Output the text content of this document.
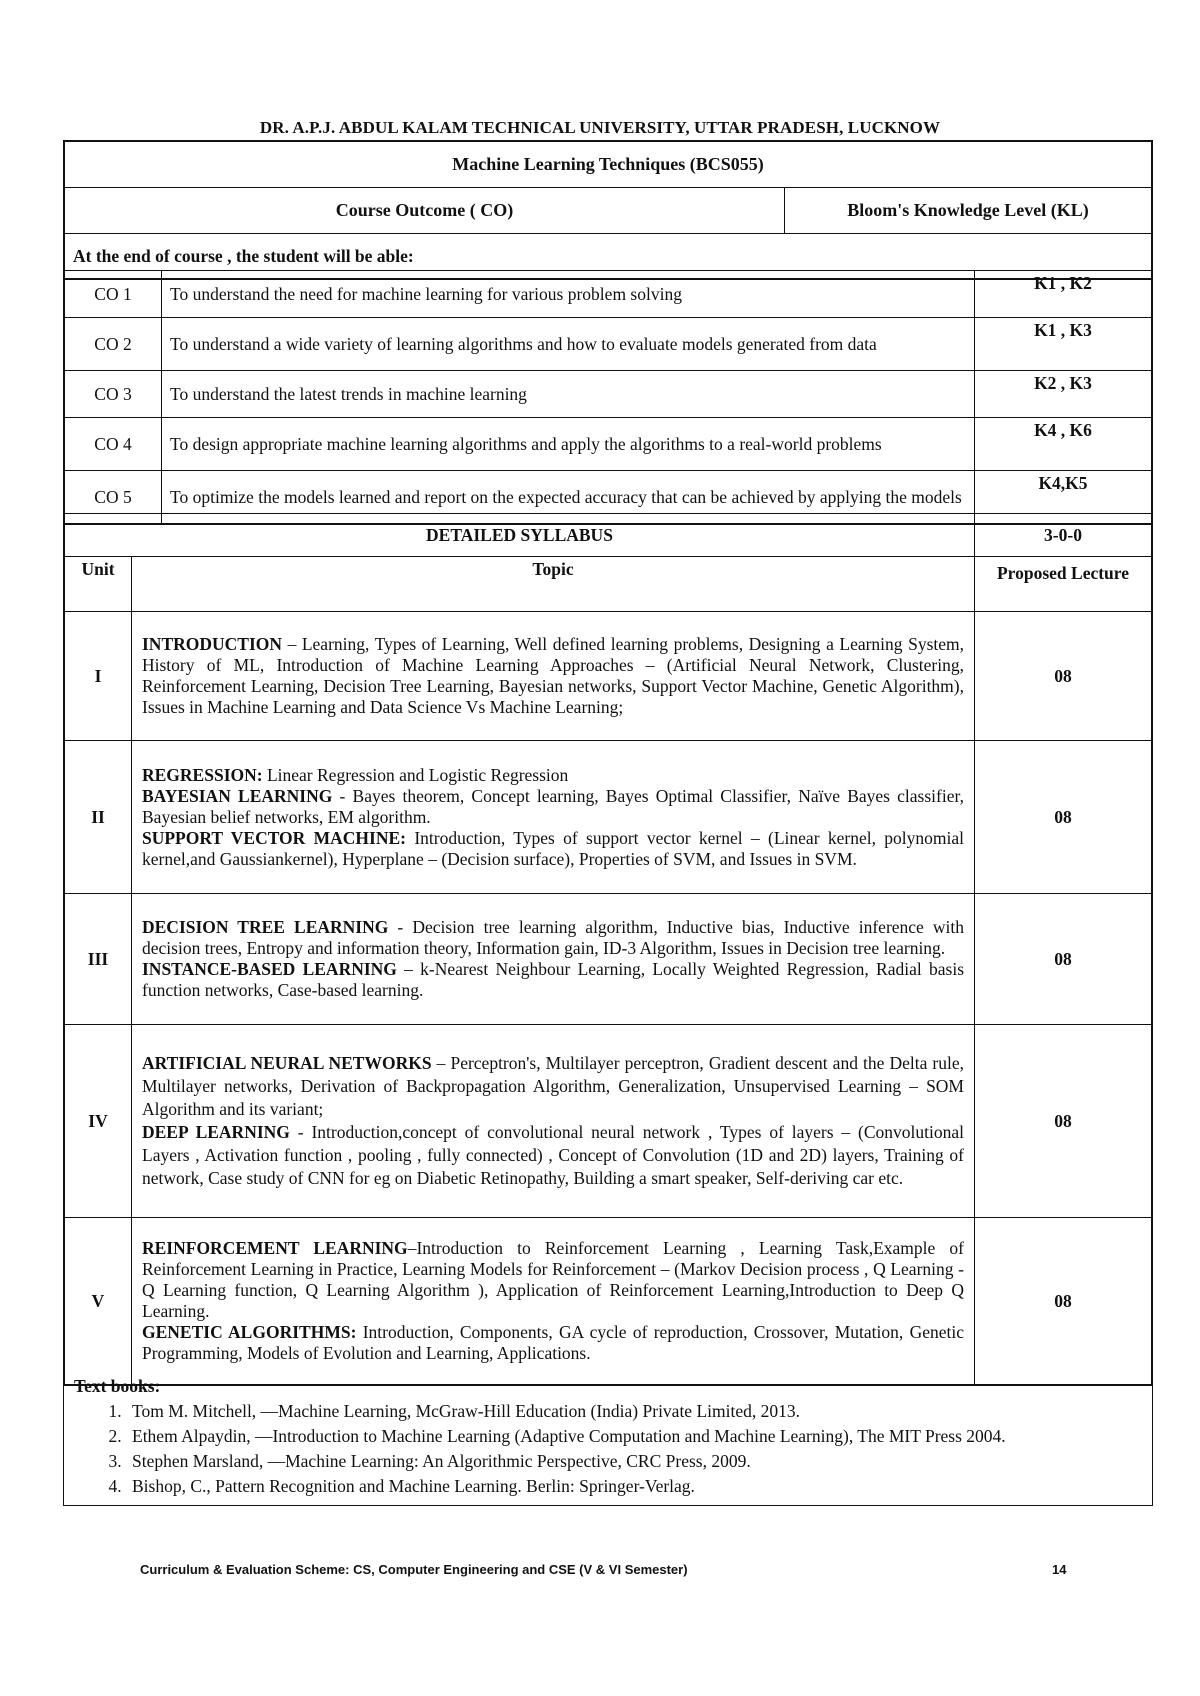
DR. A.P.J. ABDUL KALAM TECHNICAL UNIVERSITY, UTTAR PRADESH, LUCKNOW
Machine Learning Techniques (BCS055)
Course Outcome ( CO)	Bloom's Knowledge Level (KL)
At the end of course , the student will be able:
CO 1	To understand the need for machine learning for various problem solving	K1 , K2
CO 2	To understand a wide variety of learning algorithms and how to evaluate models generated from data	K1 , K3
CO 3	To understand the latest trends in machine learning	K2 , K3
CO 4	To design appropriate machine learning algorithms and apply the algorithms to a real-world problems	K4 , K6
CO 5	To optimize the models learned and report on the expected accuracy that can be achieved by applying the models	K4,K5
DETAILED SYLLABUS		3-0-0
Unit	Topic	Proposed Lecture
I	INTRODUCTION – Learning, Types of Learning, Well defined learning problems, Designing a Learning System, History of ML, Introduction of Machine Learning Approaches – (Artificial Neural Network, Clustering, Reinforcement Learning, Decision Tree Learning, Bayesian networks, Support Vector Machine, Genetic Algorithm), Issues in Machine Learning and Data Science Vs Machine Learning;	08
II	REGRESSION: Linear Regression and Logistic Regression
BAYESIAN LEARNING - Bayes theorem, Concept learning, Bayes Optimal Classifier, Naïve Bayes classifier, Bayesian belief networks, EM algorithm.
SUPPORT VECTOR MACHINE: Introduction, Types of support vector kernel – (Linear kernel, polynomial kernel,and Gaussiankernel), Hyperplane – (Decision surface), Properties of SVM, and Issues in SVM.	08
III	DECISION TREE LEARNING - Decision tree learning algorithm, Inductive bias, Inductive inference with decision trees, Entropy and information theory, Information gain, ID-3 Algorithm, Issues in Decision tree learning.
INSTANCE-BASED LEARNING – k-Nearest Neighbour Learning, Locally Weighted Regression, Radial basis function networks, Case-based learning.	08
IV	ARTIFICIAL NEURAL NETWORKS – Perceptron's, Multilayer perceptron, Gradient descent and the Delta rule, Multilayer networks, Derivation of Backpropagation Algorithm, Generalization, Unsupervised Learning – SOM Algorithm and its variant;
DEEP LEARNING - Introduction,concept of convolutional neural network , Types of layers – (Convolutional Layers , Activation function , pooling , fully connected) , Concept of Convolution (1D and 2D) layers, Training of network, Case study of CNN for eg on Diabetic Retinopathy, Building a smart speaker, Self-deriving car etc.	08
V	REINFORCEMENT LEARNING–Introduction to Reinforcement Learning , Learning Task,Example of Reinforcement Learning in Practice, Learning Models for Reinforcement – (Markov Decision process , Q Learning - Q Learning function, Q Learning Algorithm ), Application of Reinforcement Learning,Introduction to Deep Q Learning.
GENETIC ALGORITHMS: Introduction, Components, GA cycle of reproduction, Crossover, Mutation, Genetic Programming, Models of Evolution and Learning, Applications.	08
Text books:
1. Tom M. Mitchell, —Machine Learning, McGraw-Hill Education (India) Private Limited, 2013.
2. Ethem Alpaydin, —Introduction to Machine Learning (Adaptive Computation and Machine Learning), The MIT Press 2004.
3. Stephen Marsland, —Machine Learning: An Algorithmic Perspective, CRC Press, 2009.
4. Bishop, C., Pattern Recognition and Machine Learning. Berlin: Springer-Verlag.
Curriculum & Evaluation Scheme: CS, Computer Engineering and CSE (V & VI Semester)	14
